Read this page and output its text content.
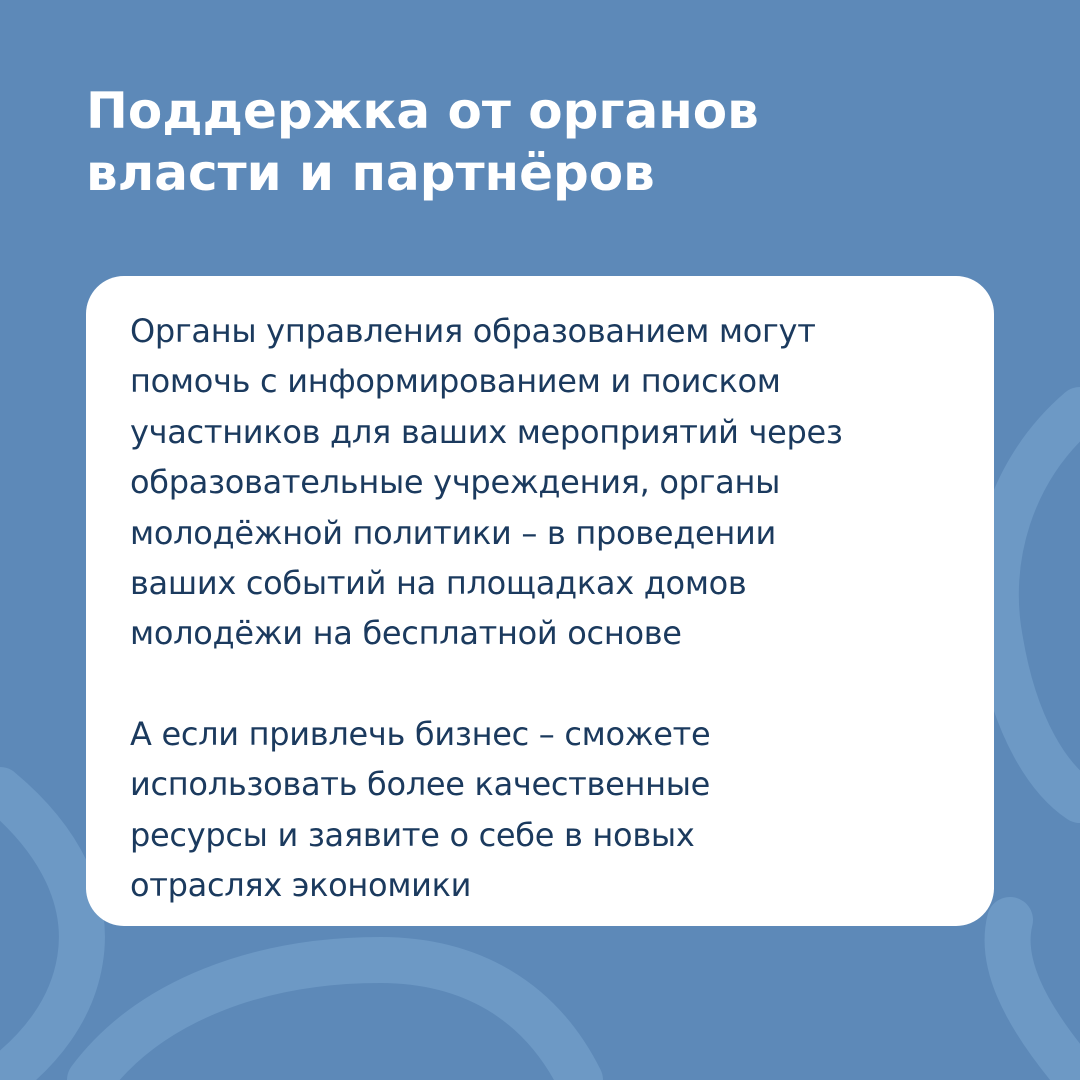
Поддержка от органов
власти и партнёров

Органы управления образованием могут
помочь с информированием и поиском
участников для ваших мероприятий через
образовательные учреждения, органы
молодёжной политики – в проведении
ваших событий на площадках домов
молодёжи на бесплатной основе

А если привлечь бизнес – сможете
использовать более качественные
ресурсы и заявите о себе в новых
отраслях экономики
